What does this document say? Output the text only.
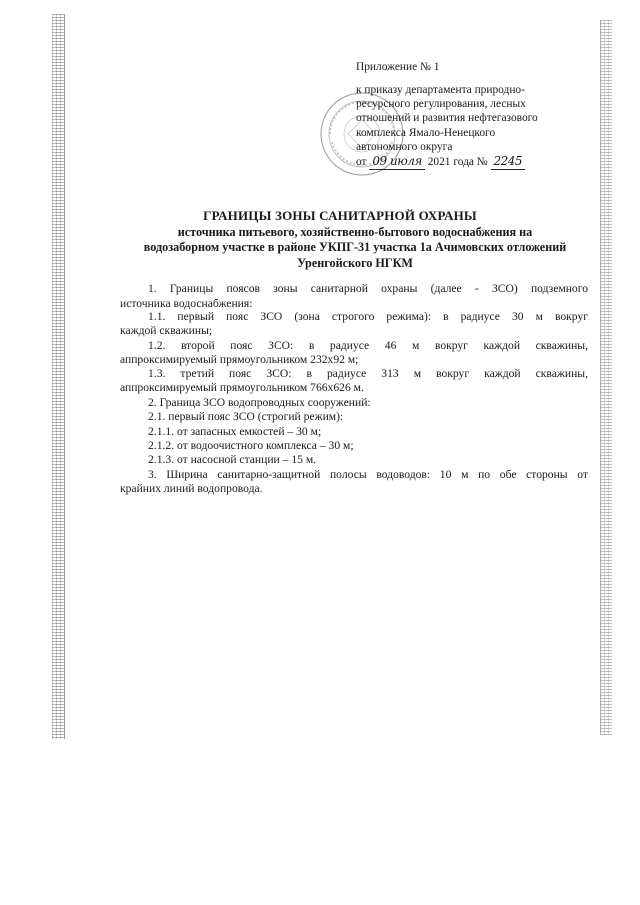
Приложение № 1
к приказу департамента природно-
ресурсного регулирования, лесных
отношений и развития нефтегазового
комплекса Ямало-Ненецкого
автономного округа
от 09 июля 2021 года № 2245
ГРАНИЦЫ ЗОНЫ САНИТАРНОЙ ОХРАНЫ
источника питьевого, хозяйственно-бытового водоснабжения на
водозаборном участке в районе УКПГ-31 участка 1а Ачимовских отложений
Уренгойского НГКМ
1. Границы поясов зоны санитарной охраны (далее - ЗСО) подземного
источника водоснабжения:
1.1. первый пояс ЗСО (зона строгого режима): в радиусе 30 м вокруг
каждой скважины;
1.2. второй пояс ЗСО: в радиусе 46 м вокруг каждой скважины,
аппроксимируемый прямоугольником 232x92 м;
1.3. третий пояс ЗСО: в радиусе 313 м вокруг каждой скважины,
аппроксимируемый прямоугольником 766x626 м.
2. Граница ЗСО водопроводных сооружений:
2.1. первый пояс ЗСО (строгий режим):
2.1.1. от запасных емкостей – 30 м;
2.1.2. от водоочистного комплекса – 30 м;
2.1.3. от насосной станции – 15 м.
3. Ширина санитарно-защитной полосы водоводов: 10 м по обе стороны от
крайних линий водопровода.
